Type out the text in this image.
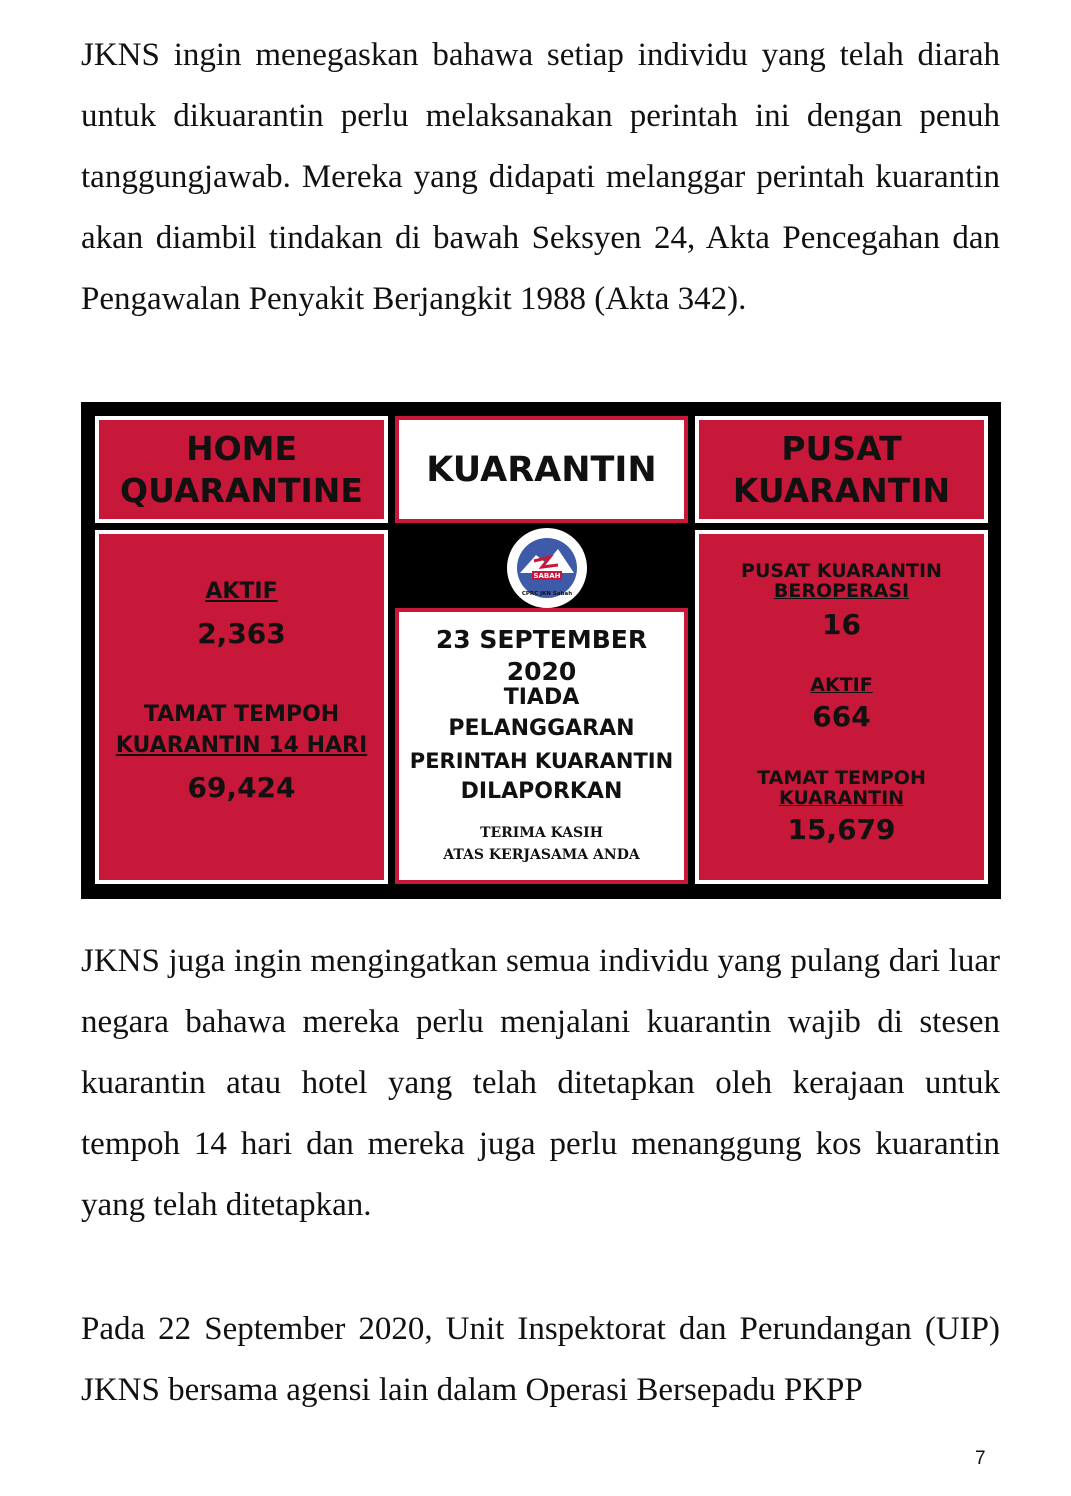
JKNS ingin menegaskan bahawa setiap individu yang telah diarah untuk dikuarantin perlu melaksanakan perintah ini dengan penuh tanggungjawab. Mereka yang didapati melanggar perintah kuarantin akan diambil tindakan di bawah Seksyen 24, Akta Pencegahan dan Pengawalan Penyakit Berjangkit 1988 (Akta 342).

HOME
QUARANTINE
KUARANTIN
PUSAT
KUARANTIN
AKTIF
2,363
TAMAT TEMPOH
KUARANTIN 14 HARI
69,424
SABAH
CPRC JKN Sabah
23 SEPTEMBER 2020
TIADA
PELANGGARAN
PERINTAH KUARANTIN
DILAPORKAN
TERIMA KASIH
ATAS KERJASAMA ANDA
PUSAT KUARANTIN
BEROPERASI
16
AKTIF
664
TAMAT TEMPOH
KUARANTIN
15,679

JKNS juga ingin mengingatkan semua individu yang pulang dari luar negara bahawa mereka perlu menjalani kuarantin wajib di stesen kuarantin atau hotel yang telah ditetapkan oleh kerajaan untuk tempoh 14 hari dan mereka juga perlu menanggung kos kuarantin yang telah ditetapkan.

Pada 22 September 2020, Unit Inspektorat dan Perundangan (UIP) JKNS bersama agensi lain dalam Operasi Bersepadu PKPP

7
